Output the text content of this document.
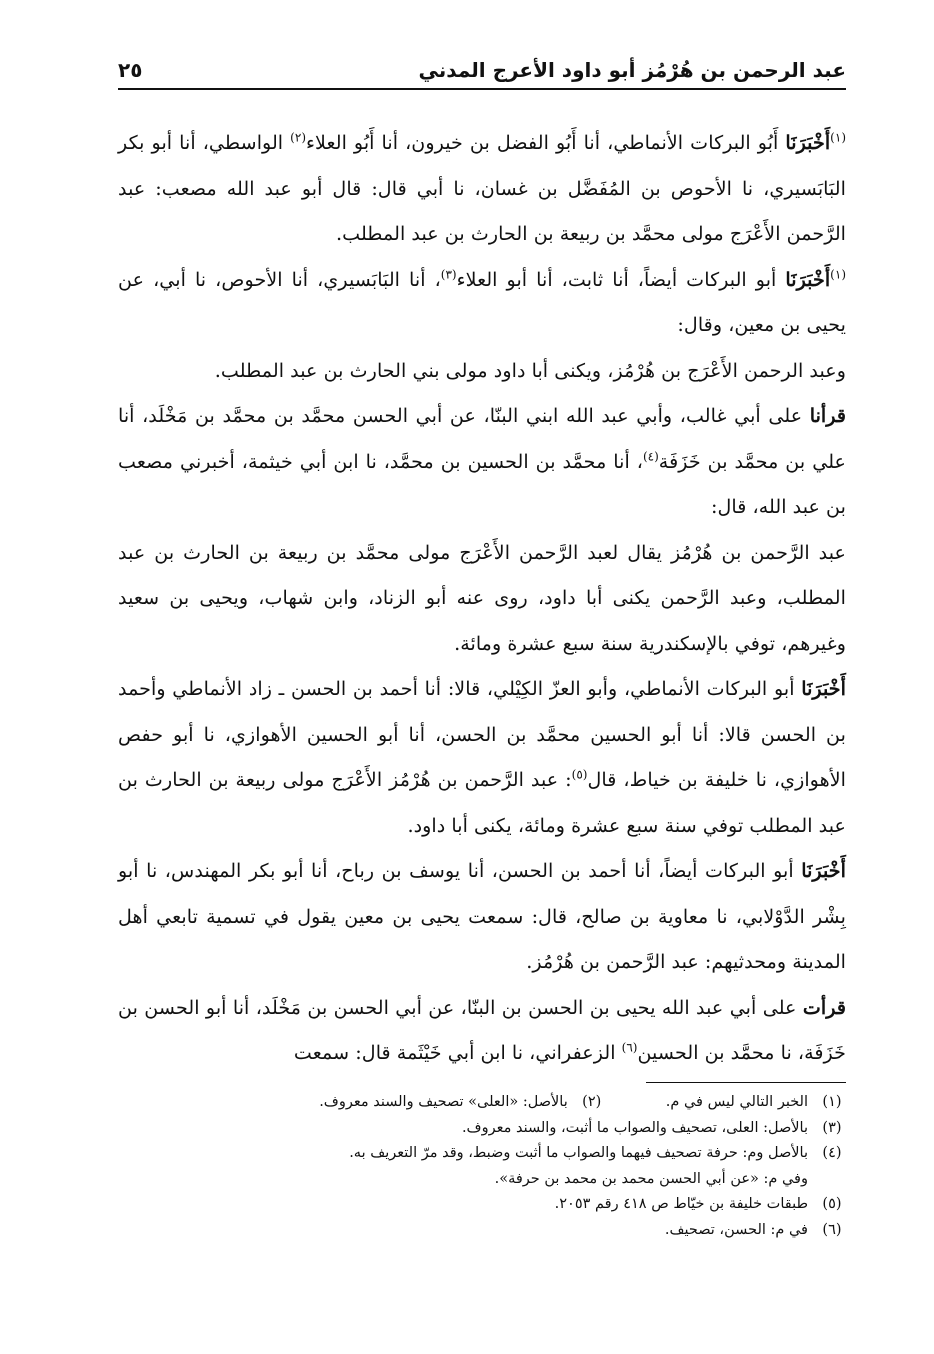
عبد الرحمن بن هُرْمُز أبو داود الأعرج المدني
٢٥

$^{(١)}$أَخْبَرَنَا أَبُو البركات الأنماطي، أنا أَبُو الفضل بن خيرون، أنا أَبُو العلاء$^{(٢)}$ الواسطي، أنا أبو بكر البَابَسيري، نا الأحوص بن المُفَضَّل بن غسان، نا أبي قال: قال أبو عبد الله مصعب: عبد الرَّحمن الأَعْرَج مولى محمَّد بن ربيعة بن الحارث بن عبد المطلب.

$^{(١)}$أَخْبَرَنَا أبو البركات أيضاً، أنا ثابت، أنا أبو العلاء$^{(٣)}$، أنا البَابَسيري، أنا الأحوص، نا أبي، عن يحيى بن معين، وقال:

وعبد الرحمن الأَعْرَج بن هُرْمُز، ويكنى أبا داود مولى بني الحارث بن عبد المطلب.

قرأنا على أبي غالب، وأبي عبد الله ابني البنّا، عن أبي الحسن محمَّد بن محمَّد بن مَخْلَد، أنا علي بن محمَّد بن خَزَفَة$^{(٤)}$، أنا محمَّد بن الحسين بن محمَّد، نا ابن أبي خيثمة، أخبرني مصعب بن عبد الله، قال:

عبد الرَّحمن بن هُرْمُز يقال لعبد الرَّحمن الأَعْرَج مولى محمَّد بن ربيعة بن الحارث بن عبد المطلب، وعبد الرَّحمن يكنى أبا داود، روى عنه أبو الزناد، وابن شهاب، ويحيى بن سعيد وغيرهم، توفي بالإسكندرية سنة سبع عشرة ومائة.

أَخْبَرَنَا أبو البركات الأنماطي، وأبو العزّ الكِيْلي، قالا: أنا أحمد بن الحسن ـ زاد الأنماطي وأحمد بن الحسن قالا: أنا أبو الحسين محمَّد بن الحسن، أنا أبو الحسين الأهوازي، نا أبو حفص الأهوازي، نا خليفة بن خياط، قال$^{(٥)}$: عبد الرَّحمن بن هُرْمُز الأَعْرَج مولى ربيعة بن الحارث بن عبد المطلب توفي سنة سبع عشرة ومائة، يكنى أبا داود.

أَخْبَرَنَا أبو البركات أيضاً، أنا أحمد بن الحسن، أنا يوسف بن رباح، أنا أبو بكر المهندس، نا أبو بِشْر الدَّوْلابي، نا معاوية بن صالح، قال: سمعت يحيى بن معين يقول في تسمية تابعي أهل المدينة ومحدثيهم: عبد الرَّحمن بن هُرْمُز.

قرأت على أبي عبد الله يحيى بن الحسن بن البنّا، عن أبي الحسن بن مَخْلَد، أنا أبو الحسن بن خَزَفَة، نا محمَّد بن الحسين$^{(٦)}$ الزعفراني، نا ابن أبي خَيْثَمة قال: سمعت

(١)
الخبر التالي ليس في م.

(٢)
بالأصل: «العلى» تصحيف والسند معروف.

(٣)
بالأصل: العلى، تصحيف والصواب ما أثبت، والسند معروف.

(٤)
بالأصل وم: حرفة تصحيف فيهما والصواب ما أثبت وضبط، وقد مرّ التعريف به.

وفي م: «عن أبي الحسن محمد بن محمد بن حرفة».

(٥)
طبقات خليفة بن خيّاط ص ٤١٨ رقم ٢٠٥٣.

(٦)
في م: الحسن، تصحيف.
